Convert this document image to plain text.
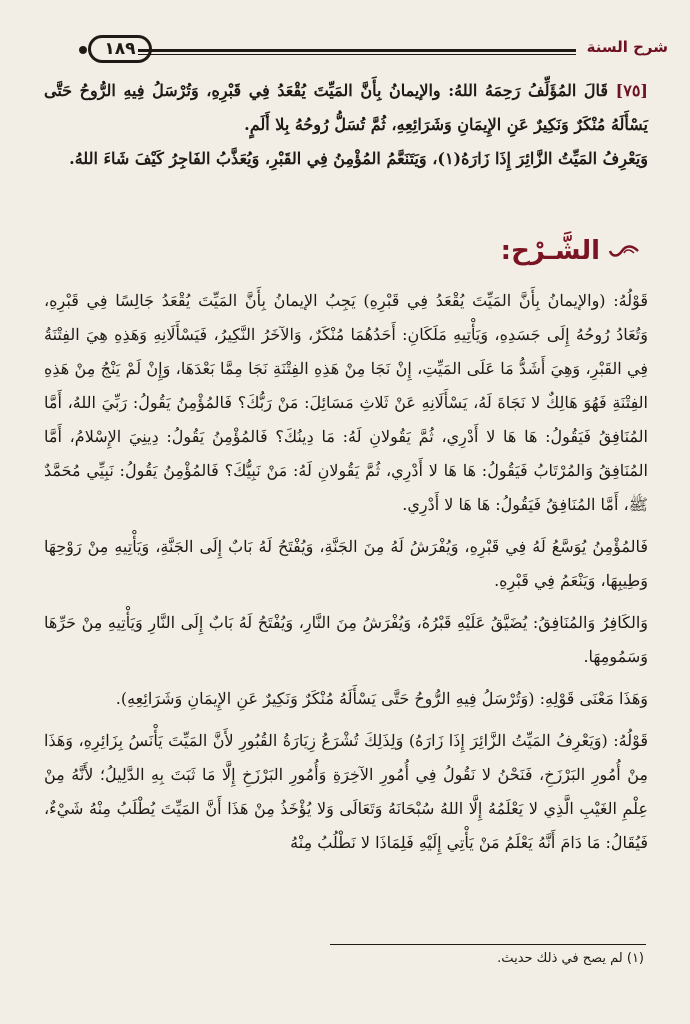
١٨٩	شرح السنة

[٧٥] قَالَ المُؤَلِّفُ رَحِمَهُ اللهُ: والإيمانُ بِأَنَّ المَيِّتَ يُقْعَدُ فِي قَبْرِهِ، وَتُرْسَلُ فِيهِ الرُّوحُ حَتَّى يَسْأَلَهُ مُنْكَرٌ وَنَكِيرٌ عَنِ الإِيمَانِ وَشَرَائِعِهِ، ثُمَّ تُسَلُّ رُوحُهُ بِلا أَلَمٍ.

وَيَعْرِفُ المَيِّتُ الزَّائِرَ إِذَا زَارَهُ(١)، وَيَتَنَعَّمُ المُؤْمِنُ فِي القَبْرِ، وَيُعَذَّبُ الفَاجِرُ كَيْفَ شَاءَ اللهُ.

الشَّـرْح:

قَوْلُهُ: (والإيمانُ بِأَنَّ المَيِّتَ يُقْعَدُ فِي قَبْرِهِ) يَجِبُ الإيمانُ بِأَنَّ المَيِّتَ يُقْعَدُ جَالِسًا فِي قَبْرِهِ، وَتُعَادُ رُوحُهُ إِلَى جَسَدِهِ، وَيَأْتِيهِ مَلَكَانِ: أَحَدُهُمَا مُنْكَرٌ، وَالآخَرُ النَّكِيرُ، فَيَسْأَلَانِهِ وَهَذِهِ هِيَ الفِتْنَةُ فِي القَبْرِ، وَهِيَ أَشَدُّ مَا عَلَى المَيِّتِ، إِنْ نَجَا مِنْ هَذِهِ الفِتْنَةِ نَجَا مِمَّا بَعْدَهَا، وَإِنْ لَمْ يَنْجُ مِنْ هَذِهِ الفِتْنَةِ فَهُوَ هَالِكٌ لا نَجَاةَ لَهُ، يَسْأَلَانِهِ عَنْ ثَلاثِ مَسَائِلَ: مَنْ رَبُّكَ؟ فَالمُؤْمِنُ يَقُولُ: رَبِّيَ اللهُ، أَمَّا المُنَافِقُ فَيَقُولُ: هَا هَا لا أَدْرِي، ثُمَّ يَقُولانِ لَهُ: مَا دِينُكَ؟ فَالمُؤْمِنُ يَقُولُ: دِينِيَ الإِسْلامُ، أَمَّا المُنَافِقُ وَالمُرْتَابُ فَيَقُولُ: هَا هَا لا أَدْرِي، ثُمَّ يَقُولانِ لَهُ: مَنْ نَبِيُّكَ؟ فَالمُؤْمِنُ يَقُولُ: نَبِيِّي مُحَمَّدٌ ﷺ، أَمَّا المُنَافِقُ فَيَقُولُ: هَا هَا لا أَدْرِي.

فَالمُؤْمِنُ يُوَسَّعُ لَهُ فِي قَبْرِهِ، وَيُفْرَشُ لَهُ مِنَ الجَنَّةِ، وَيُفْتَحُ لَهُ بَابٌ إِلَى الجَنَّةِ، وَيَأْتِيهِ مِنْ رَوْحِهَا وَطِيبِهَا، وَيَنْعَمُ فِي قَبْرِهِ.

وَالكَافِرُ وَالمُنَافِقُ: يُضَيَّقُ عَلَيْهِ قَبْرُهُ، وَيُفْرَشُ مِنَ النَّارِ، وَيُفْتَحُ لَهُ بَابٌ إِلَى النَّارِ وَيَأْتِيهِ مِنْ حَرِّهَا وَسَمُومِهَا.

وَهَذَا مَعْنَى قَوْلِهِ: (وَتُرْسَلُ فِيهِ الرُّوحُ حَتَّى يَسْأَلَهُ مُنْكَرٌ وَنَكِيرٌ عَنِ الإِيمَانِ وَشَرَائِعِهِ).

قَوْلُهُ: (وَيَعْرِفُ المَيِّتُ الزَّائِرَ إِذَا زَارَهُ) وَلِذَلِكَ تُشْرَعُ زِيَارَةُ القُبُورِ لأَنَّ المَيِّتَ يَأْنَسُ بِزَائِرِهِ، وَهَذَا مِنْ أُمُورِ البَرْزَخِ، فَنَحْنُ لا نَقُولُ فِي أُمُورِ الآخِرَةِ وَأُمُورِ البَرْزَخِ إِلَّا مَا ثَبَتَ بِهِ الدَّلِيلُ؛ لأَنَّهُ مِنْ عِلْمِ الغَيْبِ الَّذِي لا يَعْلَمُهُ إِلَّا اللهُ سُبْحَانَهُ وَتَعَالَى وَلا يُؤْخَذُ مِنْ هَذَا أَنَّ المَيِّتَ يُطْلَبُ مِنْهُ شَيْءٌ، فَيُقَالُ: مَا دَامَ أَنَّهُ يَعْلَمُ مَنْ يَأْتِي إِلَيْهِ فَلِمَاذَا لا نَطْلُبُ مِنْهُ

(١) لم يصح في ذلك حديث.
